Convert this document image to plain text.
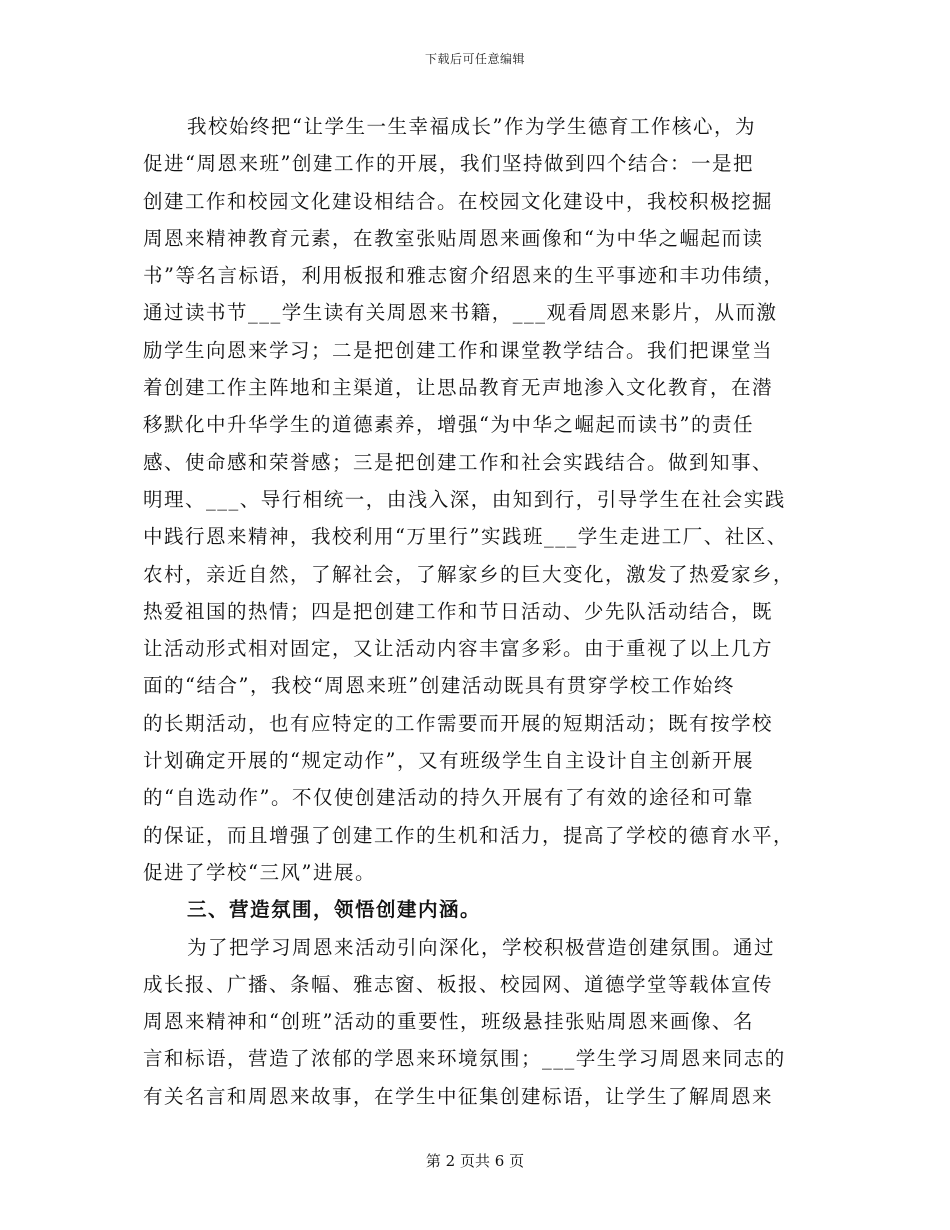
下载后可任意编辑
我校始终把“让学生一生幸福成长”作为学生德育工作核心，为
促进“周恩来班”创建工作的开展，我们坚持做到四个结合：一是把
创建工作和校园文化建设相结合。在校园文化建设中，我校积极挖掘
周恩来精神教育元素，在教室张贴周恩来画像和“为中华之崛起而读
书”等名言标语，利用板报和雅志窗介绍恩来的生平事迹和丰功伟绩，
通过读书节___学生读有关周恩来书籍，___观看周恩来影片，从而激
励学生向恩来学习；二是把创建工作和课堂教学结合。我们把课堂当
着创建工作主阵地和主渠道，让思品教育无声地渗入文化教育，在潜
移默化中升华学生的道德素养，增强“为中华之崛起而读书”的责任
感、使命感和荣誉感；三是把创建工作和社会实践结合。做到知事、
明理、___、导行相统一，由浅入深，由知到行，引导学生在社会实践
中践行恩来精神，我校利用“万里行”实践班___学生走进工厂、社区、
农村，亲近自然，了解社会，了解家乡的巨大变化，激发了热爱家乡，
热爱祖国的热情；四是把创建工作和节日活动、少先队活动结合，既
让活动形式相对固定，又让活动内容丰富多彩。由于重视了以上几方
面的“结合”，我校“周恩来班”创建活动既具有贯穿学校工作始终
的长期活动，也有应特定的工作需要而开展的短期活动；既有按学校
计划确定开展的“规定动作”，又有班级学生自主设计自主创新开展
的“自选动作”。不仅使创建活动的持久开展有了有效的途径和可靠
的保证，而且增强了创建工作的生机和活力，提高了学校的德育水平，
促进了学校“三风”进展。
三、营造氛围，领悟创建内涵。
为了把学习周恩来活动引向深化，学校积极营造创建氛围。通过
成长报、广播、条幅、雅志窗、板报、校园网、道德学堂等载体宣传
周恩来精神和“创班”活动的重要性，班级悬挂张贴周恩来画像、名
言和标语，营造了浓郁的学恩来环境氛围；___学生学习周恩来同志的
有关名言和周恩来故事，在学生中征集创建标语，让学生了解周恩来
第 2 页共 6 页
